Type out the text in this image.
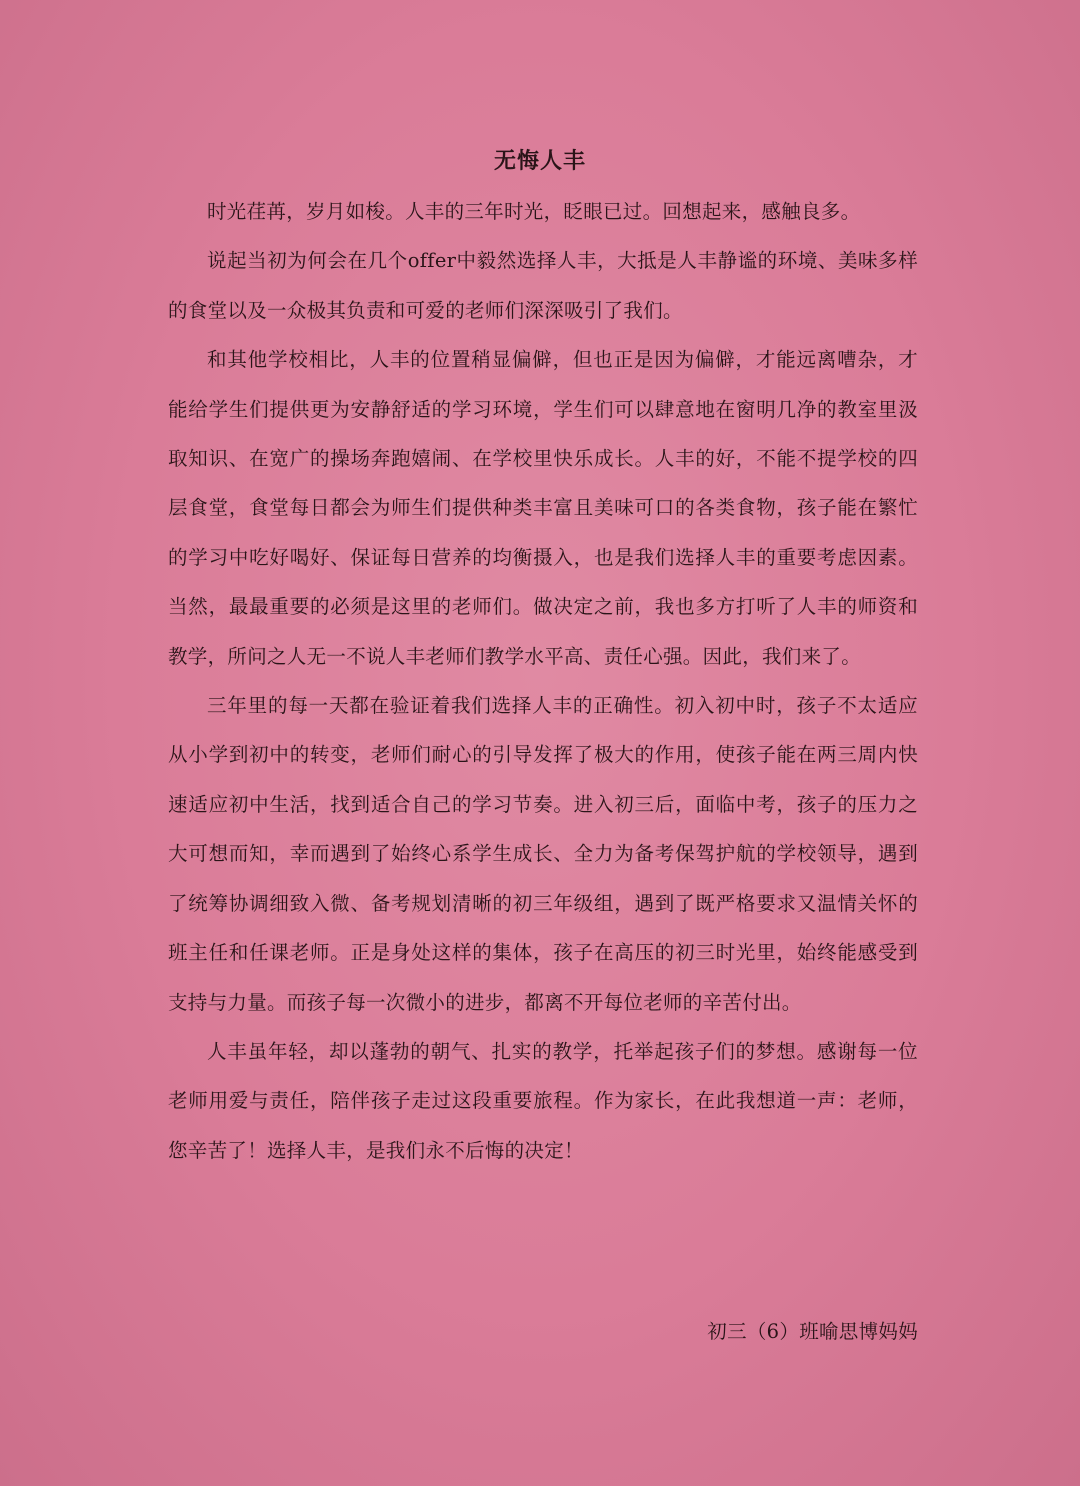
无悔人丰

时光荏苒，岁月如梭。人丰的三年时光，眨眼已过。回想起来，感触良多。

说起当初为何会在几个offer中毅然选择人丰，大抵是人丰静谧的环境、美味多样的食堂以及一众极其负责和可爱的老师们深深吸引了我们。

和其他学校相比，人丰的位置稍显偏僻，但也正是因为偏僻，才能远离嘈杂，才能给学生们提供更为安静舒适的学习环境，学生们可以肆意地在窗明几净的教室里汲取知识、在宽广的操场奔跑嬉闹、在学校里快乐成长。人丰的好，不能不提学校的四层食堂，食堂每日都会为师生们提供种类丰富且美味可口的各类食物，孩子能在繁忙的学习中吃好喝好、保证每日营养的均衡摄入，也是我们选择人丰的重要考虑因素。当然，最最重要的必须是这里的老师们。做决定之前，我也多方打听了人丰的师资和教学，所问之人无一不说人丰老师们教学水平高、责任心强。因此，我们来了。

三年里的每一天都在验证着我们选择人丰的正确性。初入初中时，孩子不太适应从小学到初中的转变，老师们耐心的引导发挥了极大的作用，使孩子能在两三周内快速适应初中生活，找到适合自己的学习节奏。进入初三后，面临中考，孩子的压力之大可想而知，幸而遇到了始终心系学生成长、全力为备考保驾护航的学校领导，遇到了统筹协调细致入微、备考规划清晰的初三年级组，遇到了既严格要求又温情关怀的班主任和任课老师。正是身处这样的集体，孩子在高压的初三时光里，始终能感受到支持与力量。而孩子每一次微小的进步，都离不开每位老师的辛苦付出。

人丰虽年轻，却以蓬勃的朝气、扎实的教学，托举起孩子们的梦想。感谢每一位老师用爱与责任，陪伴孩子走过这段重要旅程。作为家长，在此我想道一声：老师，您辛苦了！选择人丰，是我们永不后悔的决定！

初三（6）班喻思博妈妈
